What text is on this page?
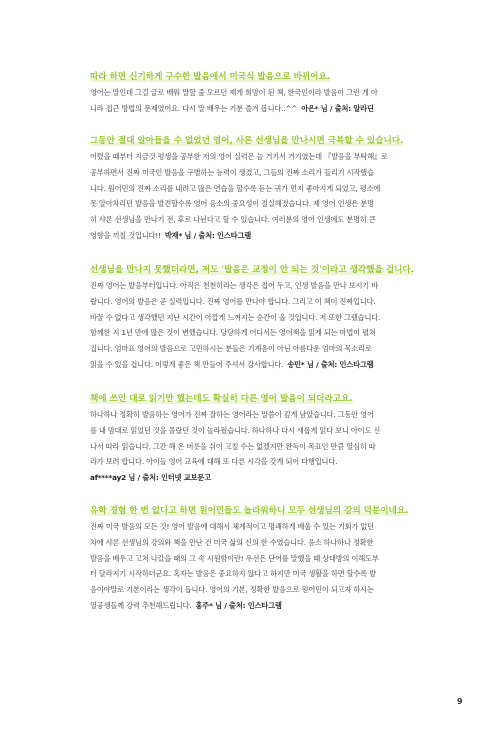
따라 하면 신기하게 구수한 발음에서 미국식 발음으로 바뀌어요.

영어는 말인데 그걸 글로 배워 말할 줄 모르던 제게 희망이 된 책, 한국인이라 발음이 그런 게 아
니라 접근 방법의 문제였어요. 다시 말 배우는 기분 즐겨 봅니다..^^ 아은* 님 / 출처: 알라딘

그동안 절대 알아들을 수 없었던 영어, 사론 선생님을 만나시면 극복할 수 있습니다.

어렸을 때부터 지금것 평생을 공부한 저의 영어 실력은 늘 거기서 거기였는데 『발음을 부탁해』로
공부하면서 진짜 미국인 발음을 구별하는 능력이 생겼고, 그들의 진짜 소리가 들리기 시작했습
니다. 원어민의 진짜 소리를 내려고 많은 연습을 할수록 듣는 귀가 먼저 좋아지게 되었고, 평소에
못 알아차리던 발음을 발견할수록 영어 음소의 중요성이 절실해졌습니다. 제 영어 인생은 분명
히 샤론 선생님을 만나기 전, 후로 나뉜다고 할 수 있습니다. 여러분의 영어 인생에도 분명히 큰
영향을 끼칠 것입니다!! 박재* 님 / 출처: 인스타그램

선생님을 만나지 못했더라면, 저도 '발음은 교정이 안 되는 것'이라고 생각했을 겁니다.

진짜 영어는 발음부터입니다. 아직은 천천히라는 생각은 접어 두고, 인생 발음을 만나 보시기 바
랍니다. 영어의 발음은 곧 실력입니다. 진짜 영어를 만나야 합니다. 그리고 이 책이 진짜입니다.
바꿀 수 없다고 생각했던 지난 시간이 아깝게 느껴지는 순간이 올 것입니다. 저 또한 그랬습니다.
함께한 지 1년 만에 많은 것이 변했습니다. 당당하게 어디서든 영어책을 읽게 되는 마법이 펼쳐
집니다. 엄마표 영어의 발음으로 고민하시는 분들은 기계음이 아닌 아름다운 엄마의 목소리로
읽을 수 있을 겁니다. 이렇게 좋은 책 만들어 주셔서 감사합니다. 송민* 님 / 출처: 인스타그램

책에 쓰인 대로 읽기만 했는데도 확실히 다른 영어 발음이 되더라고요.

하나하나 정확히 발음하는 영어가 진짜 잘하는 영어라는 말씀이 깊게 남았습니다. 그동안 영어
를 내 맘대로 읽었던 것을 몰랐던 것이 놀라웠습니다. 하나하나 다시 새롭게 읽다 보니 아이도 신
나서 따라 읽습니다. 그간 해 온 버릇을 쉬이 고칠 수는 없겠지만 완독이 목표인 만큼 열심히 따
라가 보려 합니다. 아이들 영어 교육에 대해 또 다른 시각을 갖게 되어 다행입니다.
af****ay2 님 / 출처: 인터넷 교보문고

유학 경험 한 번 없다고 하면 원어민들도 놀라워하니 모두 선생님의 강의 덕분이네요.

진짜 미국 발음의 모든 것! 영어 발음에 대해서 체계적이고 명쾌하게 배울 수 있는 기회가 없던
차에 샤론 선생님의 강의와 책을 만난 건 미국 삶의 신의 한 수였습니다. 음소 하나하나 정확한
발음을 배우고 고쳐 나갔을 때의 그 속 시원함이란! 우선은 단어를 말했을 때 상대방의 이해도부
터 달라지기 시작하더군요. 혹자는 발음은 중요하지 않다고 하지만 미국 생활을 하면 할수록 발
음이야말로 기본이라는 생각이 듭니다. 영어의 기본, 정확한 발음으로 원어민이 되고자 하시는
열공생들께 강력 추천해드립니다. 홍주* 님 / 출처: 인스타그램

9
